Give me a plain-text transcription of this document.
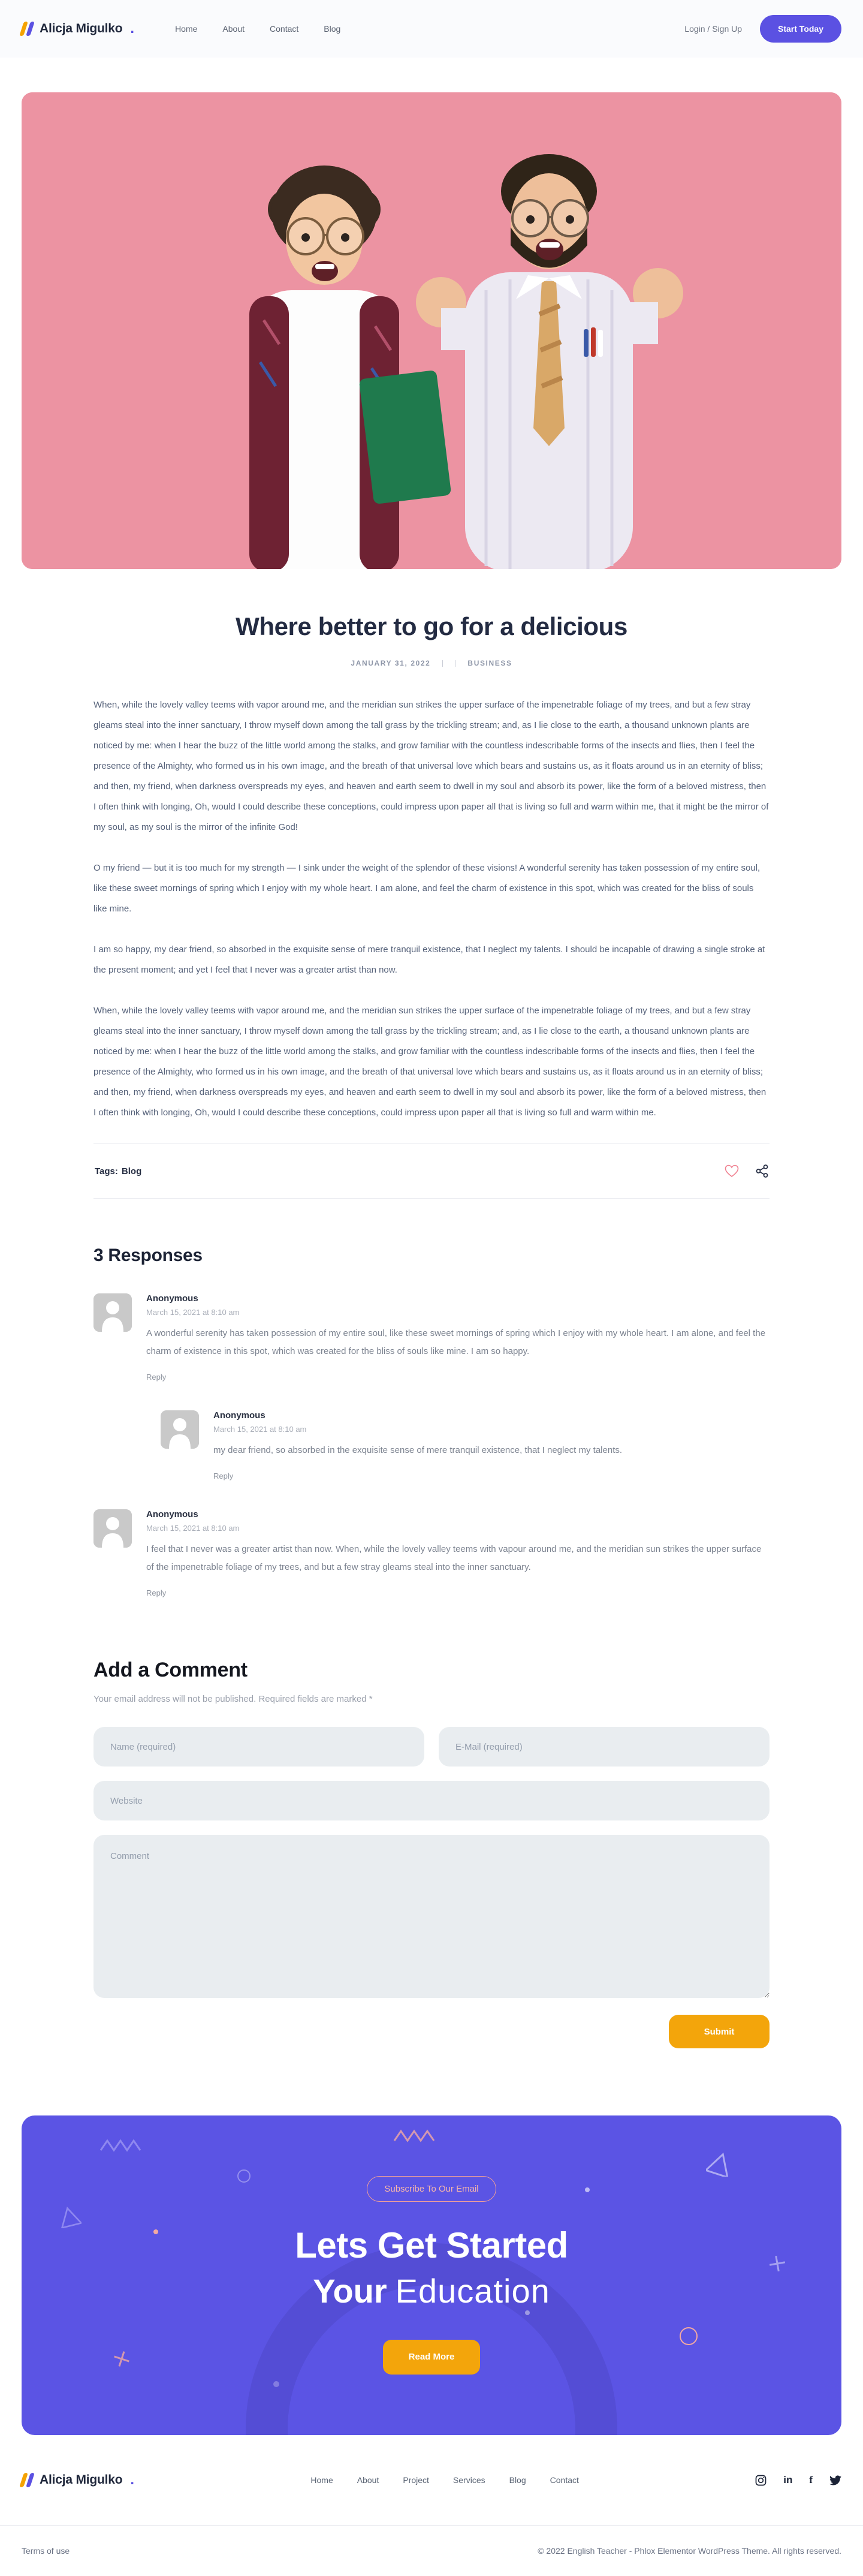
Alicja Migulko .	Home	About	Contact	Blog	Login / Sign Up	Start Today
Where better to go for a delicious
JANUARY 31, 2022	BUSINESS

When, while the lovely valley teems with vapor around me, and the meridian sun strikes the upper surface of the impenetrable foliage of my trees, and but a few stray gleams steal into the inner sanctuary, I throw myself down among the tall grass by the trickling stream; and, as I lie close to the earth, a thousand unknown plants are noticed by me: when I hear the buzz of the little world among the stalks, and grow familiar with the countless indescribable forms of the insects and flies, then I feel the presence of the Almighty, who formed us in his own image, and the breath of that universal love which bears and sustains us, as it floats around us in an eternity of bliss; and then, my friend, when darkness overspreads my eyes, and heaven and earth seem to dwell in my soul and absorb its power, like the form of a beloved mistress, then I often think with longing, Oh, would I could describe these conceptions, could impress upon paper all that is living so full and warm within me, that it might be the mirror of my soul, as my soul is the mirror of the infinite God!

O my friend — but it is too much for my strength — I sink under the weight of the splendor of these visions! A wonderful serenity has taken possession of my entire soul, like these sweet mornings of spring which I enjoy with my whole heart. I am alone, and feel the charm of existence in this spot, which was created for the bliss of souls like mine.

I am so happy, my dear friend, so absorbed in the exquisite sense of mere tranquil existence, that I neglect my talents. I should be incapable of drawing a single stroke at the present moment; and yet I feel that I never was a greater artist than now.

When, while the lovely valley teems with vapor around me, and the meridian sun strikes the upper surface of the impenetrable foliage of my trees, and but a few stray gleams steal into the inner sanctuary, I throw myself down among the tall grass by the trickling stream; and, as I lie close to the earth, a thousand unknown plants are noticed by me: when I hear the buzz of the little world among the stalks, and grow familiar with the countless indescribable forms of the insects and flies, then I feel the presence of the Almighty, who formed us in his own image, and the breath of that universal love which bears and sustains us, as it floats around us in an eternity of bliss; and then, my friend, when darkness overspreads my eyes, and heaven and earth seem to dwell in my soul and absorb its power, like the form of a beloved mistress, then I often think with longing, Oh, would I could describe these conceptions, could impress upon paper all that is living so full and warm within me.

Tags: Blog
3 Responses
Anonymous
March 15, 2021 at 8:10 am
A wonderful serenity has taken possession of my entire soul, like these sweet mornings of spring which I enjoy with my whole heart. I am alone, and feel the charm of existence in this spot, which was created for the bliss of souls like mine. I am so happy.
Reply
Anonymous
March 15, 2021 at 8:10 am
my dear friend, so absorbed in the exquisite sense of mere tranquil existence, that I neglect my talents.
Reply
Anonymous
March 15, 2021 at 8:10 am
I feel that I never was a greater artist than now. When, while the lovely valley teems with vapour around me, and the meridian sun strikes the upper surface of the impenetrable foliage of my trees, and but a few stray gleams steal into the inner sanctuary.
Reply
Add a Comment

Your email address will not be published. Required fields are marked *

Name (required)
E-Mail (required)
Website
Comment
Submit
Subscribe To Our Email
Lets Get Started
Your Education
Read More
Alicja Migulko .	Home	About	Project	Services	Blog	Contact	in f
Terms of use	© 2022 English Teacher - Phlox Elementor WordPress Theme. All rights reserved.
